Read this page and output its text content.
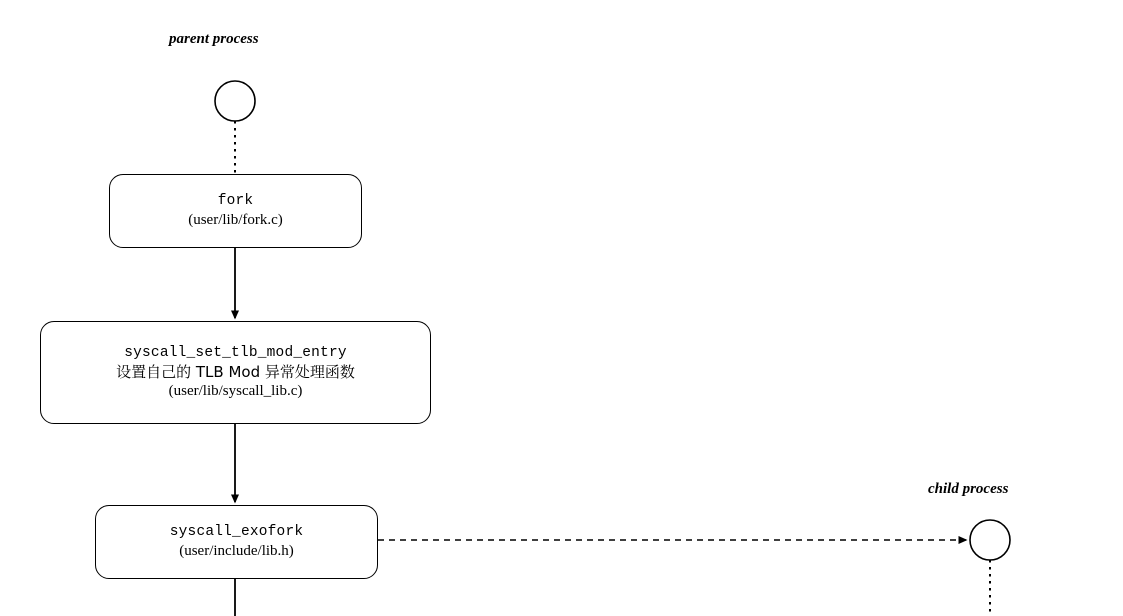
parent process
child process
fork
(user/lib/fork.c)
syscall_set_tlb_mod_entry
设置自己的 TLB Mod 异常处理函数
(user/lib/syscall_lib.c)
syscall_exofork
(user/include/lib.h)
